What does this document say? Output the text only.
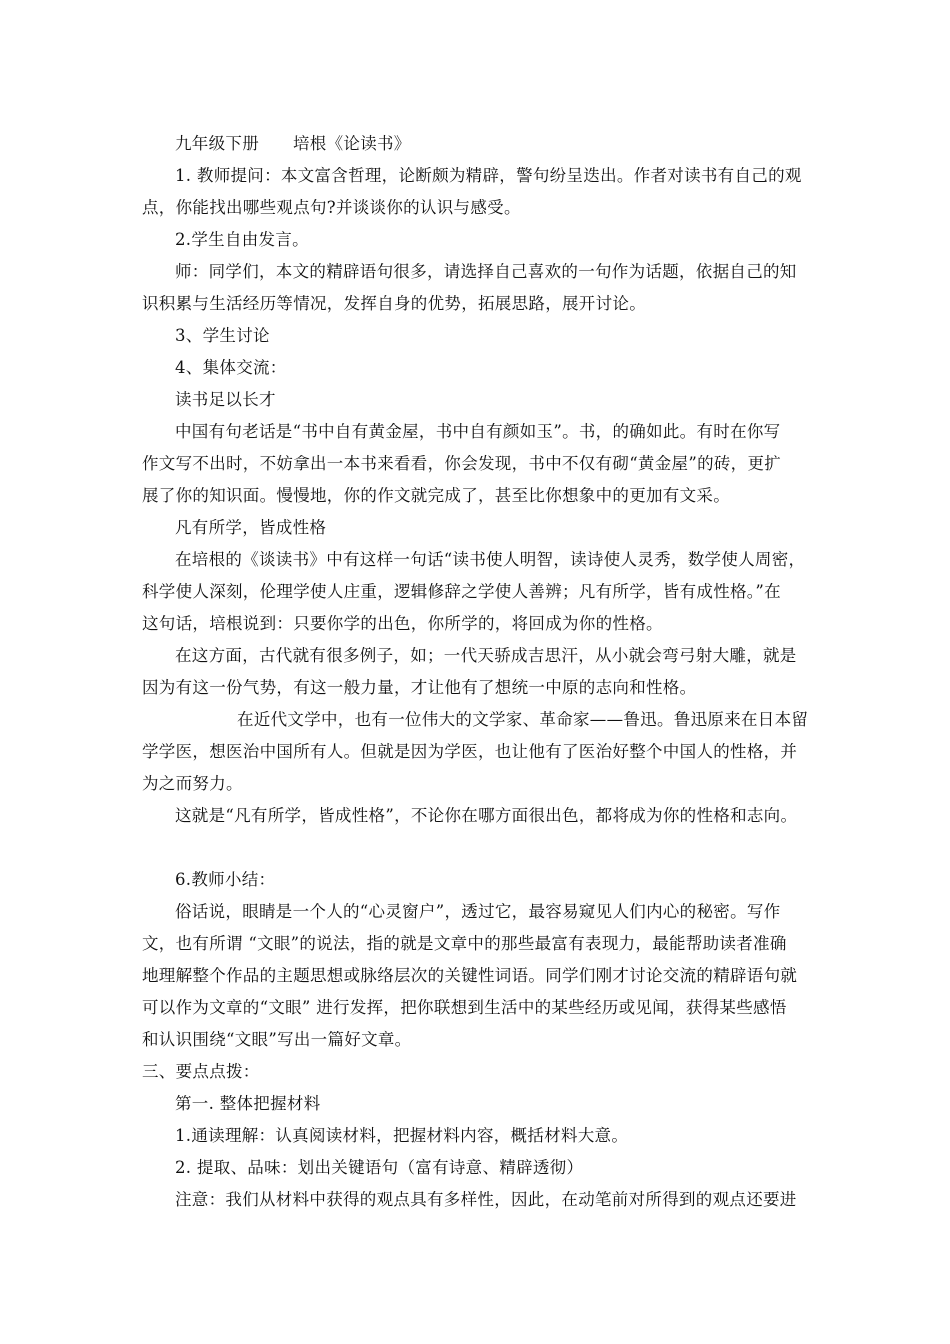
九年级下册 培根《论读书》
1. 教师提问：本文富含哲理，论断颇为精辟，警句纷呈迭出。作者对读书有自己的观
点，你能找出哪些观点句?并谈谈你的认识与感受。
2.学生自由发言。
师：同学们，本文的精辟语句很多，请选择自己喜欢的一句作为话题，依据自己的知
识积累与生活经历等情况，发挥自身的优势，拓展思路，展开讨论。
3、学生讨论
4、集体交流：
读书足以长才
中国有句老话是“书中自有黄金屋，书中自有颜如玉”。书，的确如此。有时在你写
作文写不出时，不妨拿出一本书来看看，你会发现，书中不仅有砌“黄金屋”的砖，更扩
展了你的知识面。慢慢地，你的作文就完成了，甚至比你想象中的更加有文采。
凡有所学，皆成性格
在培根的《谈读书》中有这样一句话“读书使人明智，读诗使人灵秀，数学使人周密，
科学使人深刻，伦理学使人庄重，逻辑修辞之学使人善辨；凡有所学，皆有成性格。”在
这句话，培根说到：只要你学的出色，你所学的，将回成为你的性格。
在这方面，古代就有很多例子，如；一代天骄成吉思汗，从小就会弯弓射大雕，就是
因为有这一份气势，有这一般力量，才让他有了想统一中原的志向和性格。
在近代文学中，也有一位伟大的文学家、革命家——鲁迅。鲁迅原来在日本留
学学医，想医治中国所有人。但就是因为学医，也让他有了医治好整个中国人的性格，并
为之而努力。
这就是“凡有所学，皆成性格”，不论你在哪方面很出色，都将成为你的性格和志向。
6.教师小结：
俗话说，眼睛是一个人的“心灵窗户”，透过它，最容易窥见人们内心的秘密。写作
文，也有所谓 “文眼”的说法，指的就是文章中的那些最富有表现力，最能帮助读者准确
地理解整个作品的主题思想或脉络层次的关键性词语。同学们刚才讨论交流的精辟语句就
可以作为文章的“文眼” 进行发挥，把你联想到生活中的某些经历或见闻，获得某些感悟
和认识围绕“文眼”写出一篇好文章。
三、要点点拨：
第一. 整体把握材料
1.通读理解：认真阅读材料，把握材料内容，概括材料大意。
2. 提取、品味：划出关键语句（富有诗意、精辟透彻）
注意：我们从材料中获得的观点具有多样性，因此，在动笔前对所得到的观点还要进
